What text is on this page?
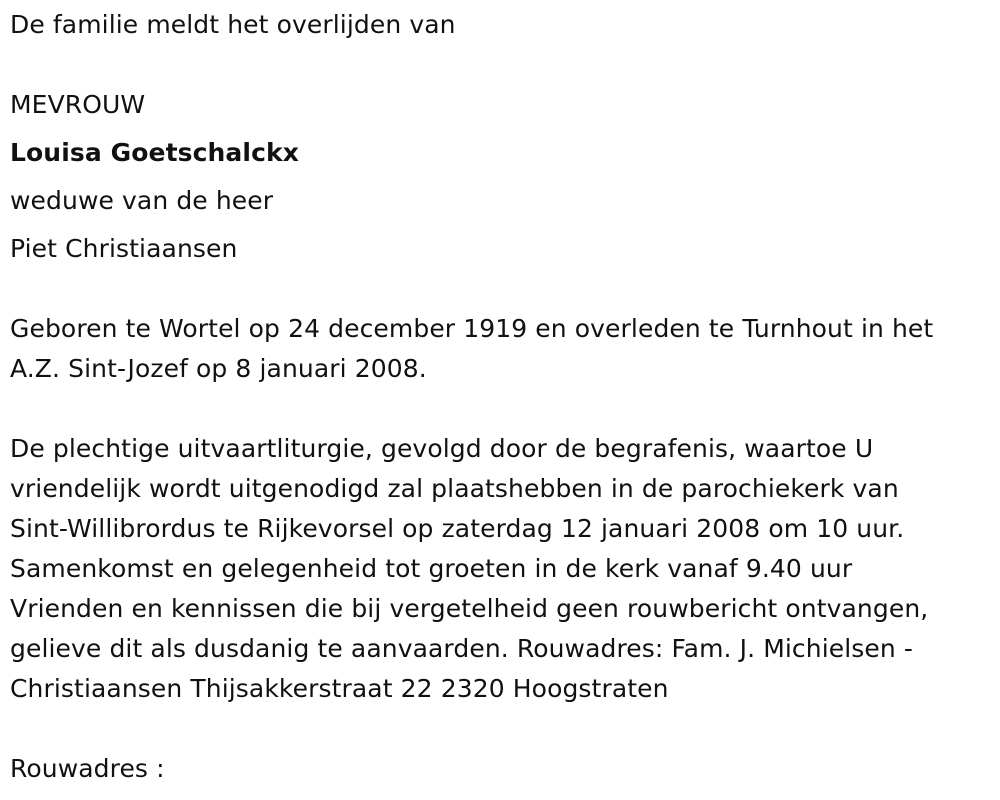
De familie meldt het overlijden van
MEVROUW
Louisa Goetschalckx
weduwe van de heer
Piet Christiaansen
Geboren te Wortel op 24 december 1919 en overleden te Turnhout in het
A.Z. Sint-Jozef op 8 januari 2008.
De plechtige uitvaartliturgie, gevolgd door de begrafenis, waartoe U
vriendelijk wordt uitgenodigd zal plaatshebben in de parochiekerk van
Sint-Willibrordus te Rijkevorsel op zaterdag 12 januari 2008 om 10 uur.
Samenkomst en gelegenheid tot groeten in de kerk vanaf 9.40 uur
Vrienden en kennissen die bij vergetelheid geen rouwbericht ontvangen,
gelieve dit als dusdanig te aanvaarden. Rouwadres: Fam. J. Michielsen -
Christiaansen Thijsakkerstraat 22 2320 Hoogstraten
Rouwadres :
